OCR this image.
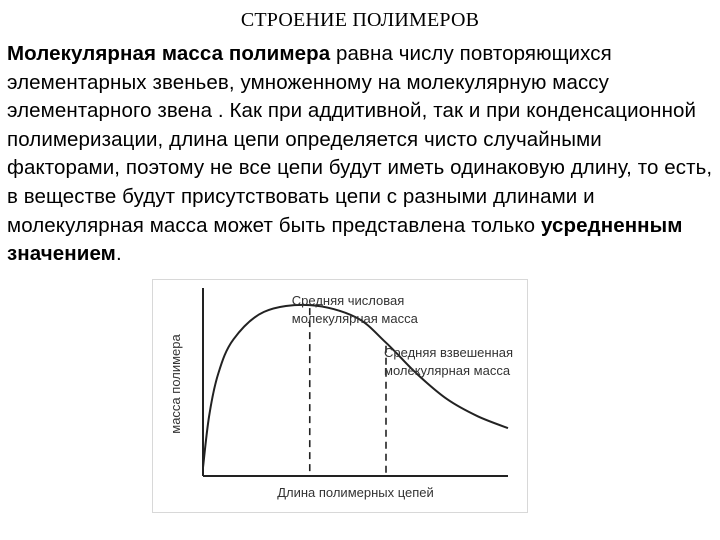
СТРОЕНИЕ ПОЛИМЕРОВ
Молекулярная масса полимера равна числу повторяющихся элементарных звеньев, умноженному на молекулярную массу элементарного звена . Как при аддитивной, так и при конденсационной полимеризации, длина цепи определяется чисто случайными факторами, поэтому не все цепи будут иметь одинаковую длину, то есть, в веществе будут присутствовать цепи с разными длинами и молекулярная масса может быть представлена только усредненным значением.
масса полимера
Длина полимерных цепей
Средняя числовая
молекулярная масса
Средняя взвешенная
молекулярная масса
